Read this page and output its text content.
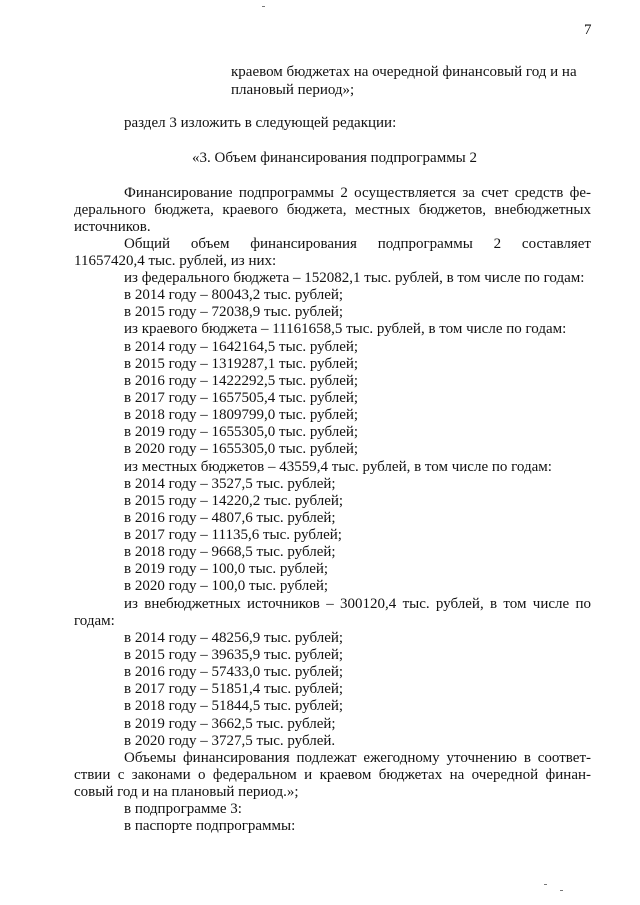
7
краевом бюджетах на очередной финансовый год и на
плановый период»;
раздел 3 изложить в следующей редакции:
«3. Объем финансирования подпрограммы 2
Финансирование подпрограммы 2 осуществляется за счет средств фе-
дерального бюджета, краевого бюджета, местных бюджетов, внебюджетных
источников.
Общий объем финансирования подпрограммы 2 составляет
11657420,4 тыс. рублей, из них:
из федерального бюджета – 152082,1 тыс. рублей, в том числе по годам:
в 2014 году – 80043,2 тыс. рублей;
в 2015 году – 72038,9 тыс. рублей;
из краевого бюджета – 11161658,5 тыс. рублей, в том числе по годам:
в 2014 году – 1642164,5 тыс. рублей;
в 2015 году – 1319287,1 тыс. рублей;
в 2016 году – 1422292,5 тыс. рублей;
в 2017 году – 1657505,4 тыс. рублей;
в 2018 году – 1809799,0 тыс. рублей;
в 2019 году – 1655305,0 тыс. рублей;
в 2020 году – 1655305,0 тыс. рублей;
из местных бюджетов – 43559,4 тыс. рублей, в том числе по годам:
в 2014 году – 3527,5 тыс. рублей;
в 2015 году – 14220,2 тыс. рублей;
в 2016 году – 4807,6 тыс. рублей;
в 2017 году – 11135,6 тыс. рублей;
в 2018 году – 9668,5 тыс. рублей;
в 2019 году – 100,0 тыс. рублей;
в 2020 году – 100,0 тыс. рублей;
из внебюджетных источников – 300120,4 тыс. рублей, в том числе по
годам:
в 2014 году – 48256,9 тыс. рублей;
в 2015 году – 39635,9 тыс. рублей;
в 2016 году – 57433,0 тыс. рублей;
в 2017 году – 51851,4 тыс. рублей;
в 2018 году – 51844,5 тыс. рублей;
в 2019 году – 3662,5 тыс. рублей;
в 2020 году – 3727,5 тыс. рублей.
Объемы финансирования подлежат ежегодному уточнению в соответ-
ствии с законами о федеральном и краевом бюджетах на очередной финан-
совый год и на плановый период.»;
в подпрограмме 3:
в паспорте подпрограммы:
